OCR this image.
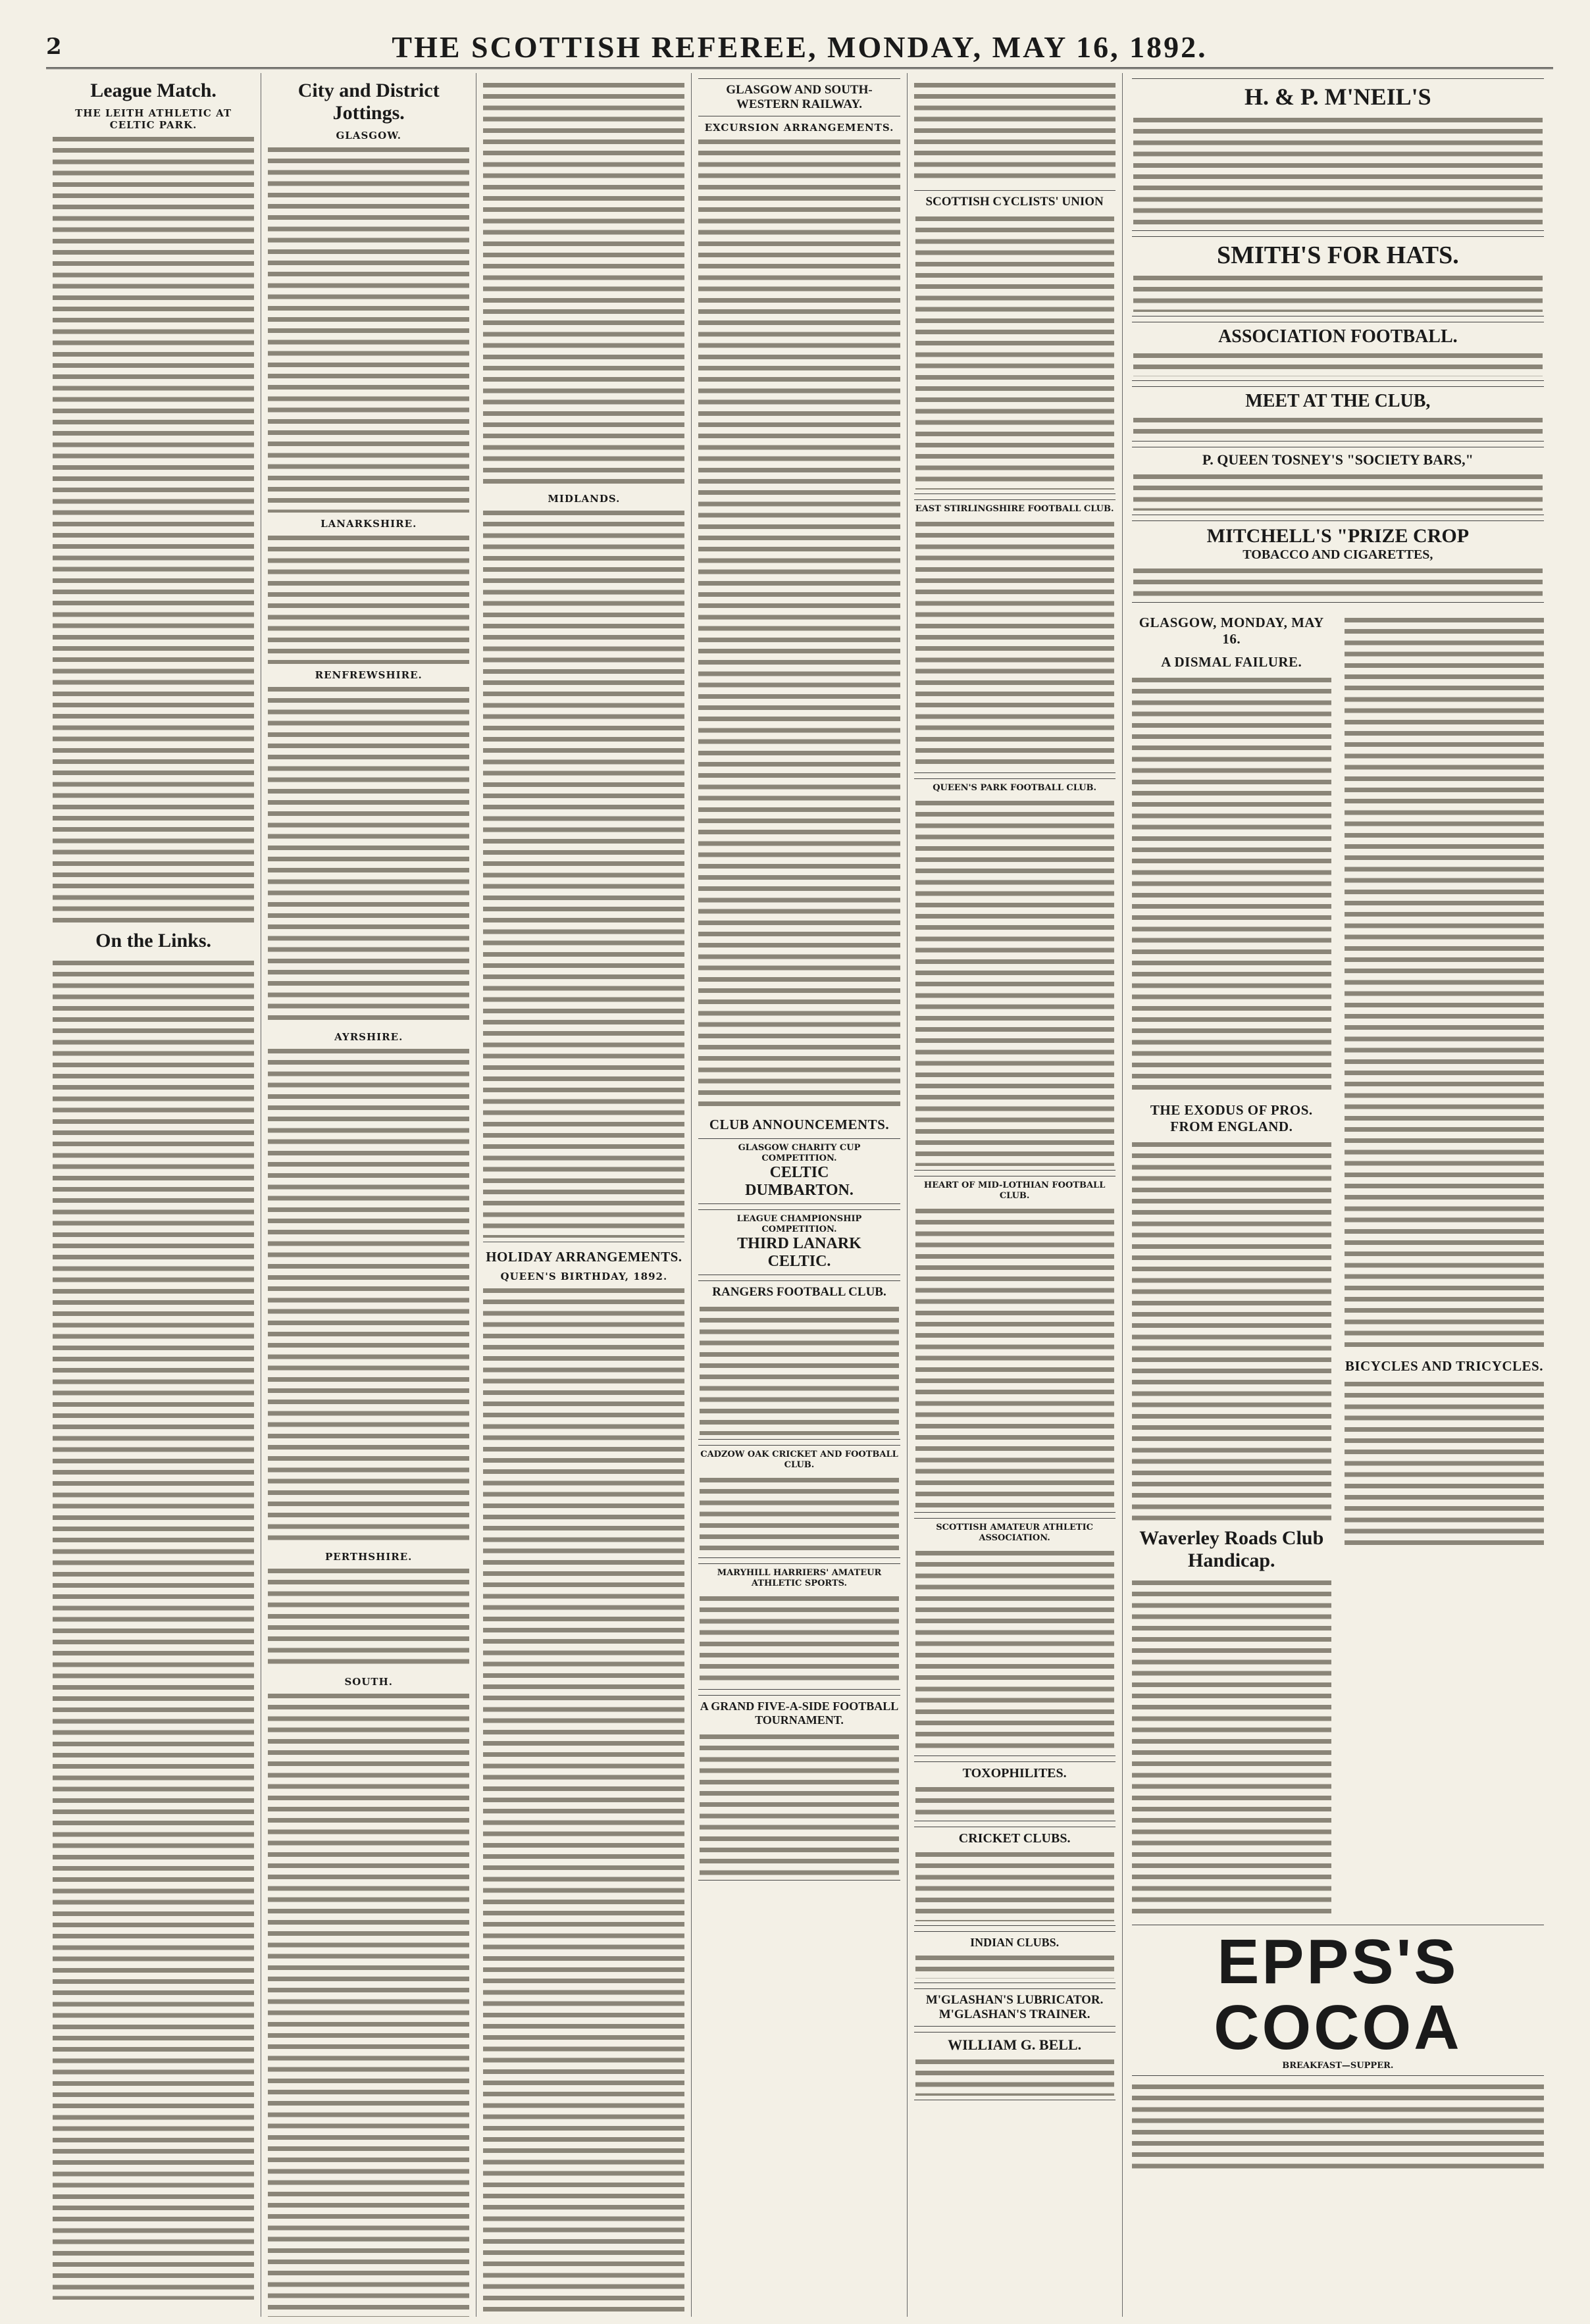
2	THE SCOTTISH REFEREE, MONDAY, MAY 16, 1892.
League Match.
THE LEITH ATHLETIC AT CELTIC PARK.
On the Links.
City and District Jottings.
GLASGOW.
LANARKSHIRE.
RENFREWSHIRE.
AYRSHIRE.
PERTHSHIRE.
SOUTH.
MIDLANDS.
HOLIDAY ARRANGEMENTS.
QUEEN'S BIRTHDAY, 1892.
GLASGOW AND SOUTH-WESTERN RAILWAY.
EXCURSION ARRANGEMENTS.
CLUB ANNOUNCEMENTS.
GLASGOW CHARITY CUP COMPETITION.
CELTIC
DUMBARTON.
LEAGUE CHAMPIONSHIP COMPETITION.
THIRD LANARK
CELTIC.
RANGERS FOOTBALL CLUB.
CADZOW OAK CRICKET AND FOOTBALL CLUB.
MARYHILL HARRIERS' AMATEUR ATHLETIC SPORTS.
A GRAND FIVE-A-SIDE FOOTBALL TOURNAMENT.
SCOTTISH CYCLISTS' UNION
EAST STIRLINGSHIRE FOOTBALL CLUB.
QUEEN'S PARK FOOTBALL CLUB.
HEART OF MID-LOTHIAN FOOTBALL CLUB.
SCOTTISH AMATEUR ATHLETIC ASSOCIATION.
TOXOPHILITES.
CRICKET CLUBS.
INDIAN CLUBS.
M'GLASHAN'S LUBRICATOR.
M'GLASHAN'S TRAINER.
WILLIAM G. BELL.
H. & P. M'NEIL'S
SMITH'S FOR HATS.
ASSOCIATION FOOTBALL.
MEET AT THE CLUB,
P. QUEEN TOSNEY'S "SOCIETY BARS,"
MITCHELL'S "PRIZE CROP
TOBACCO AND CIGARETTES,
GLASGOW, MONDAY, MAY 16.
A DISMAL FAILURE.
THE EXODUS OF PROS. FROM ENGLAND.
Waverley Roads Club Handicap.
BICYCLES AND TRICYCLES.
EPPS'S
COCOA
BREAKFAST—SUPPER.
